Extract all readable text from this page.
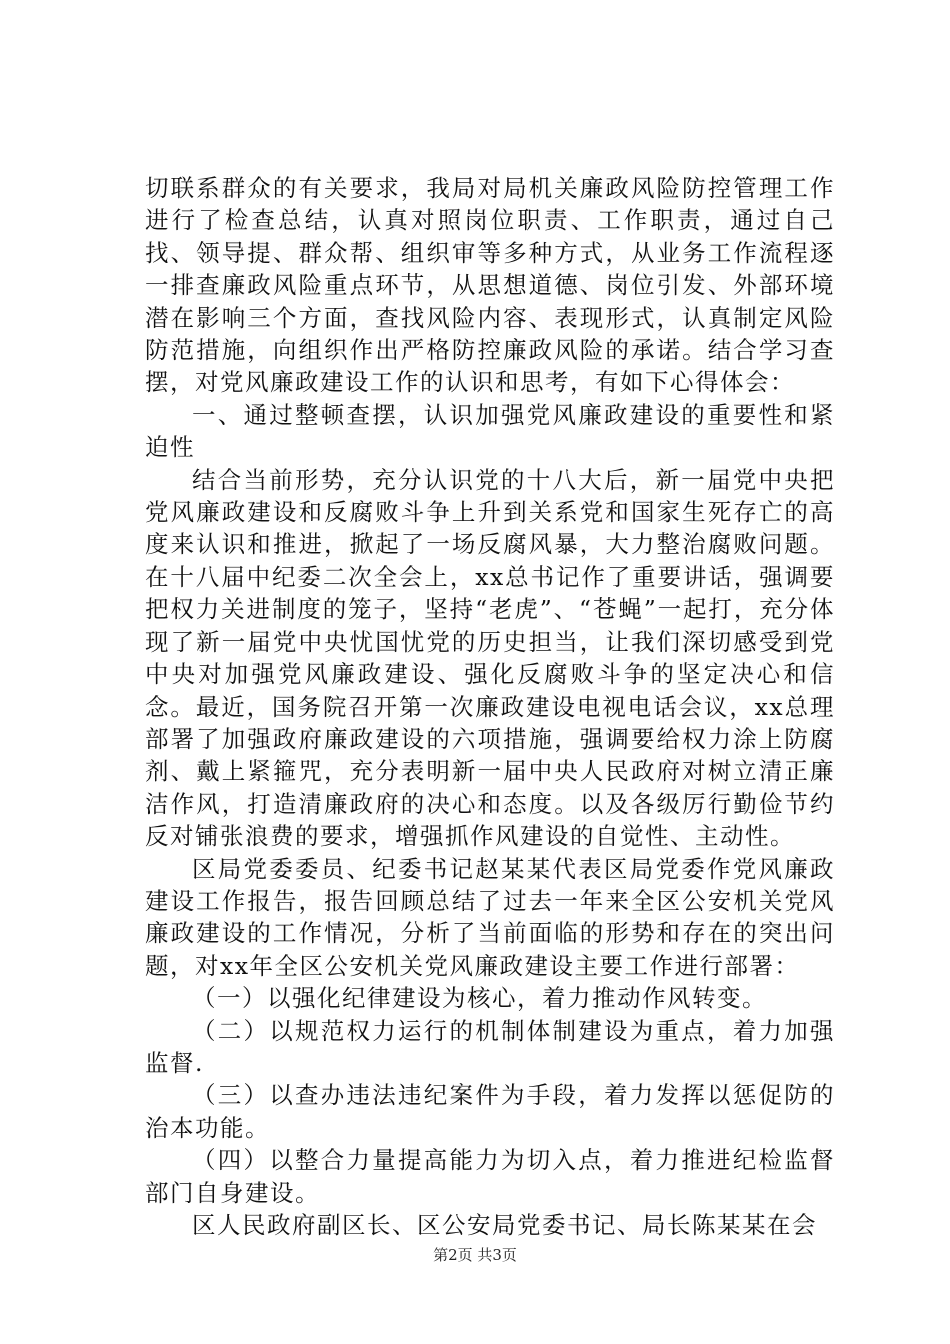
切联系群众的有关要求，我局对局机关廉政风险防控管理工作进行了检查总结，认真对照岗位职责、工作职责，通过自己找、领导提、群众帮、组织审等多种方式，从业务工作流程逐一排查廉政风险重点环节，从思想道德、岗位引发、外部环境潜在影响三个方面，查找风险内容、表现形式，认真制定风险防范措施，向组织作出严格防控廉政风险的承诺。结合学习查摆，对党风廉政建设工作的认识和思考，有如下心得体会：

一、通过整顿查摆，认识加强党风廉政建设的重要性和紧迫性

结合当前形势，充分认识党的十八大后，新一届党中央把党风廉政建设和反腐败斗争上升到关系党和国家生死存亡的高度来认识和推进，掀起了一场反腐风暴，大力整治腐败问题。在十八届中纪委二次全会上，xx总书记作了重要讲话，强调要把权力关进制度的笼子，坚持“老虎”、“苍蝇”一起打，充分体现了新一届党中央忧国忧党的历史担当，让我们深切感受到党中央对加强党风廉政建设、强化反腐败斗争的坚定决心和信念。最近，国务院召开第一次廉政建设电视电话会议，xx总理部署了加强政府廉政建设的六项措施，强调要给权力涂上防腐剂、戴上紧箍咒，充分表明新一届中央人民政府对树立清正廉洁作风，打造清廉政府的决心和态度。以及各级厉行勤俭节约反对铺张浪费的要求，增强抓作风建设的自觉性、主动性。

区局党委委员、纪委书记赵某某代表区局党委作党风廉政建设工作报告，报告回顾总结了过去一年来全区公安机关党风廉政建设的工作情况，分析了当前面临的形势和存在的突出问题，对xx年全区公安机关党风廉政建设主要工作进行部署：

（一）以强化纪律建设为核心，着力推动作风转变。

（二）以规范权力运行的机制体制建设为重点，着力加强监督.

（三）以查办违法违纪案件为手段，着力发挥以惩促防的治本功能。

（四）以整合力量提高能力为切入点，着力推进纪检监督部门自身建设。

区人民政府副区长、区公安局党委书记、局长陈某某在会

第2页 共3页
